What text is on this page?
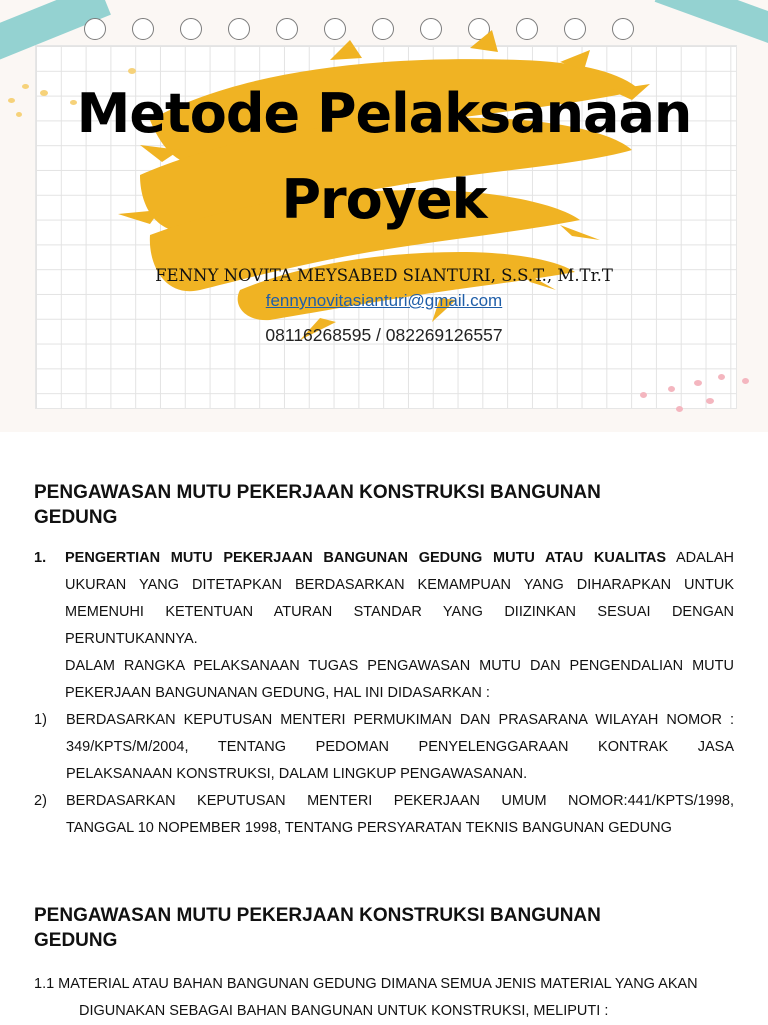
Metode Pelaksanaan
Proyek
FENNY NOVITA MEYSABED SIANTURI, S.S.T., M.Tr.T
fennynovitasianturi@gmail.com
08116268595 / 082269126557
PENGAWASAN MUTU PEKERJAAN KONSTRUKSI BANGUNAN
GEDUNG
1. PENGERTIAN MUTU PEKERJAAN BANGUNAN GEDUNG MUTU ATAU KUALITAS ADALAH
UKURAN YANG DITETAPKAN BERDASARKAN KEMAMPUAN YANG DIHARAPKAN UNTUK
MEMENUHI KETENTUAN ATURAN STANDAR YANG DIIZINKAN SESUAI DENGAN
PERUNTUKANNYA.
DALAM RANGKA PELAKSANAAN TUGAS PENGAWASAN MUTU DAN PENGENDALIAN MUTU
PEKERJAAN BANGUNANAN GEDUNG, HAL INI DIDASARKAN :
1) BERDASARKAN KEPUTUSAN MENTERI PERMUKIMAN DAN PRASARANA WILAYAH NOMOR :
349/KPTS/M/2004, TENTANG PEDOMAN PENYELENGGARAAN KONTRAK JASA
PELAKSANAAN KONSTRUKSI, DALAM LINGKUP PENGAWASANAN.
2) BERDASARKAN KEPUTUSAN MENTERI PEKERJAAN UMUM NOMOR:441/KPTS/1998,
TANGGAL 10 NOPEMBER 1998, TENTANG PERSYARATAN TEKNIS BANGUNAN GEDUNG
PENGAWASAN MUTU PEKERJAAN KONSTRUKSI BANGUNAN
GEDUNG
1.1 MATERIAL ATAU BAHAN BANGUNAN GEDUNG DIMANA SEMUA JENIS MATERIAL YANG AKAN
DIGUNAKAN SEBAGAI BAHAN BANGUNAN UNTUK KONSTRUKSI, MELIPUTI :
